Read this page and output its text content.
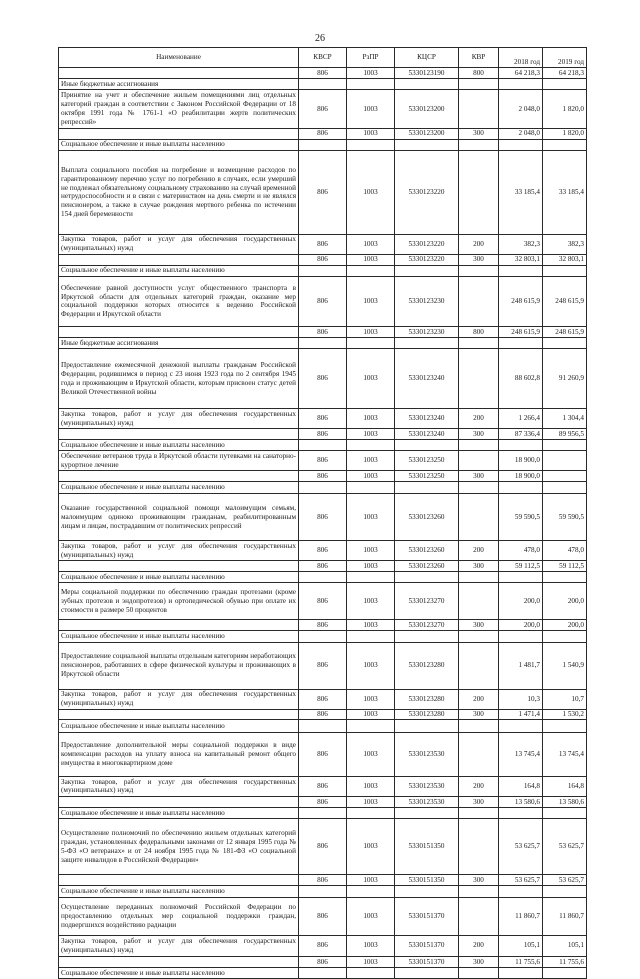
26
Наименование	КВСР	РзПР	КЦСР	КВР	2018 год	2019 год
	806	1003	5330123190	800	64 218,3	64 218,3
Иные бюджетные ассигнования						
Принятие на учет и обеспечение жильем помещениями лиц отдельных категорий граждан в соответствии с Законом Российской Федерации от 18 октября 1991 года № 1761-1 «О реабилитации жертв политических репрессий»	806	1003	5330123200		2 048,0	1 820,0
	806	1003	5330123200	300	2 048,0	1 820,0
Социальное обеспечение и иные выплаты населению						
Выплата социального пособия на погребение и возмещение расходов по гарантированному перечню услуг по погребению в случаях, если умерший не подлежал обязательному социальному страхованию на случай временной нетрудоспособности и в связи с материнством на день смерти и не являлся пенсионером, а также в случае рождения мертвого ребенка по истечении 154 дней беременности	806	1003	5330123220		33 185,4	33 185,4
Закупка товаров, работ и услуг для обеспечения государственных (муниципальных) нужд	806	1003	5330123220	200	382,3	382,3
	806	1003	5330123220	300	32 803,1	32 803,1
Социальное обеспечение и иные выплаты населению						
Обеспечение равной доступности услуг общественного транспорта в Иркутской области для отдельных категорий граждан, оказание мер социальной поддержки которых относится к ведению Российской Федерации и Иркутской области	806	1003	5330123230		248 615,9	248 615,9
	806	1003	5330123230	800	248 615,9	248 615,9
Иные бюджетные ассигнования						
Предоставление ежемесячной денежной выплаты гражданам Российской Федерации, родившимся в период с 23 июня 1923 года по 2 сентября 1945 года и проживающим в Иркутской области, которым присвоен статус детей Великой Отечественной войны	806	1003	5330123240		88 602,8	91 260,9
Закупка товаров, работ и услуг для обеспечения государственных (муниципальных) нужд	806	1003	5330123240	200	1 266,4	1 304,4
	806	1003	5330123240	300	87 336,4	89 956,5
Социальное обеспечение и иные выплаты населению						
Обеспечение ветеранов труда в Иркутской области путевками на санаторно-курортное лечение	806	1003	5330123250		18 900,0	
	806	1003	5330123250	300	18 900,0	
Социальное обеспечение и иные выплаты населению						
Оказание государственной социальной помощи малоимущим семьям, малоимущим одиноко проживающим гражданам, реабилитированным лицам и лицам, пострадавшим от политических репрессий	806	1003	5330123260		59 590,5	59 590,5
Закупка товаров, работ и услуг для обеспечения государственных (муниципальных) нужд	806	1003	5330123260	200	478,0	478,0
	806	1003	5330123260	300	59 112,5	59 112,5
Социальное обеспечение и иные выплаты населению						
Меры социальной поддержки по обеспечению граждан протезами (кроме зубных протезов и эндопротезов) и ортопедической обувью при оплате их стоимости в размере 50 процентов	806	1003	5330123270		200,0	200,0
	806	1003	5330123270	300	200,0	200,0
Социальное обеспечение и иные выплаты населению						
Предоставление социальной выплаты отдельным категориям неработающих пенсионеров, работавших в сфере физической культуры и проживающих в Иркутской области	806	1003	5330123280		1 481,7	1 540,9
Закупка товаров, работ и услуг для обеспечения государственных (муниципальных) нужд	806	1003	5330123280	200	10,3	10,7
	806	1003	5330123280	300	1 471,4	1 530,2
Социальное обеспечение и иные выплаты населению						
Предоставление дополнительной меры социальной поддержки в виде компенсации расходов на уплату взноса на капитальный ремонт общего имущества в многоквартирном доме	806	1003	5330123530		13 745,4	13 745,4
Закупка товаров, работ и услуг для обеспечения государственных (муниципальных) нужд	806	1003	5330123530	200	164,8	164,8
	806	1003	5330123530	300	13 580,6	13 580,6
Социальное обеспечение и иные выплаты населению						
Осуществление полномочий по обеспечению жильем отдельных категорий граждан, установленных федеральными законами от 12 января 1995 года № 5-ФЗ «О ветеранах» и от 24 ноября 1995 года № 181-ФЗ «О социальной защите инвалидов в Российской Федерации»	806	1003	5330151350		53 625,7	53 625,7
	806	1003	5330151350	300	53 625,7	53 625,7
Социальное обеспечение и иные выплаты населению						
Осуществление переданных полномочий Российской Федерации по предоставлению отдельных мер социальной поддержки граждан, подвергшихся воздействию радиации	806	1003	5330151370		11 860,7	11 860,7
Закупка товаров, работ и услуг для обеспечения государственных (муниципальных) нужд	806	1003	5330151370	200	105,1	105,1
	806	1003	5330151370	300	11 755,6	11 755,6
Социальное обеспечение и иные выплаты населению						
